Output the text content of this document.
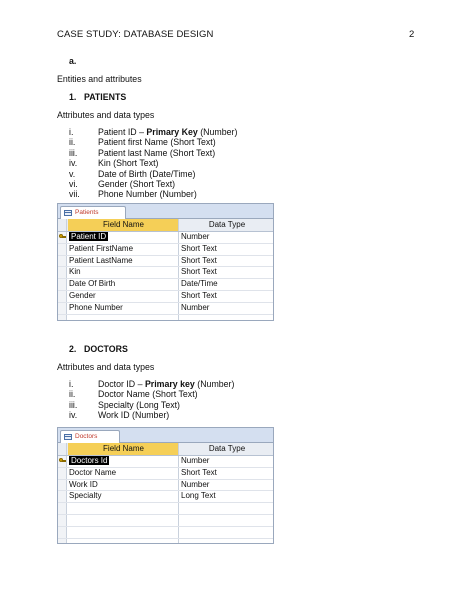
CASE STUDY: DATABASE DESIGN	2
a.
Entities and attributes
1. PATIENTS
Attributes and data types
i.	Patient ID – Primary Key (Number)
ii.	Patient first Name (Short Text)
iii. Patient last Name (Short Text)
iv. Kin (Short Text)
v.	Date of Birth (Date/Time)
vi. Gender (Short Text)
vii. Phone Number (Number)
Patients
Field Name	Data Type
Patient ID	Number
Patient FirstName	Short Text
Patient LastName	Short Text
Kin	Short Text
Date Of Birth	Date/Time
Gender	Short Text
Phone Number	Number
2. DOCTORS
Attributes and data types
i.	Doctor ID – Primary key (Number)
ii.	Doctor Name (Short Text)
iii. Specialty (Long Text)
iv. Work ID (Number)
Doctors
Field Name	Data Type
Doctors Id	Number
Doctor Name	Short Text
Work ID	Number
Specialty	Long Text
